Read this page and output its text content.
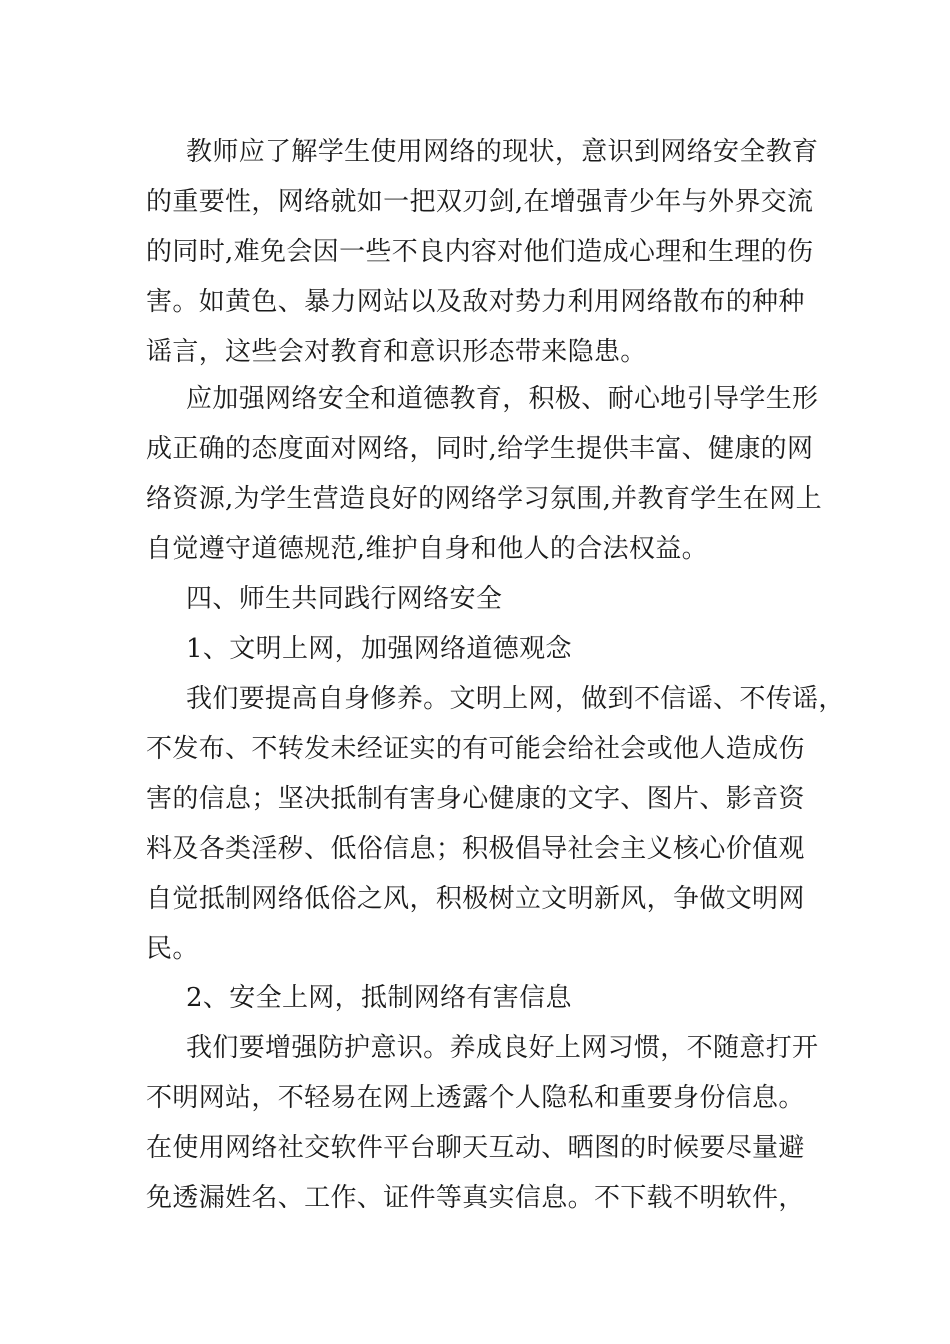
教师应了解学生使用网络的现状，意识到网络安全教育
的重要性，网络就如一把双刃剑,在增强青少年与外界交流
的同时,难免会因一些不良内容对他们造成心理和生理的伤
害。如黄色、暴力网站以及敌对势力利用网络散布的种种
谣言，这些会对教育和意识形态带来隐患。
应加强网络安全和道德教育，积极、耐心地引导学生形
成正确的态度面对网络，同时,给学生提供丰富、健康的网
络资源,为学生营造良好的网络学习氛围,并教育学生在网上
自觉遵守道德规范,维护自身和他人的合法权益。
四、师生共同践行网络安全
1、文明上网，加强网络道德观念
我们要提高自身修养。文明上网，做到不信谣、不传谣，
不发布、不转发未经证实的有可能会给社会或他人造成伤
害的信息；坚决抵制有害身心健康的文字、图片、影音资
料及各类淫秽、低俗信息；积极倡导社会主义核心价值观
自觉抵制网络低俗之风，积极树立文明新风，争做文明网
民。
2、安全上网，抵制网络有害信息
我们要增强防护意识。养成良好上网习惯，不随意打开
不明网站，不轻易在网上透露个人隐私和重要身份信息。
在使用网络社交软件平台聊天互动、晒图的时候要尽量避
免透漏姓名、工作、证件等真实信息。不下载不明软件，
